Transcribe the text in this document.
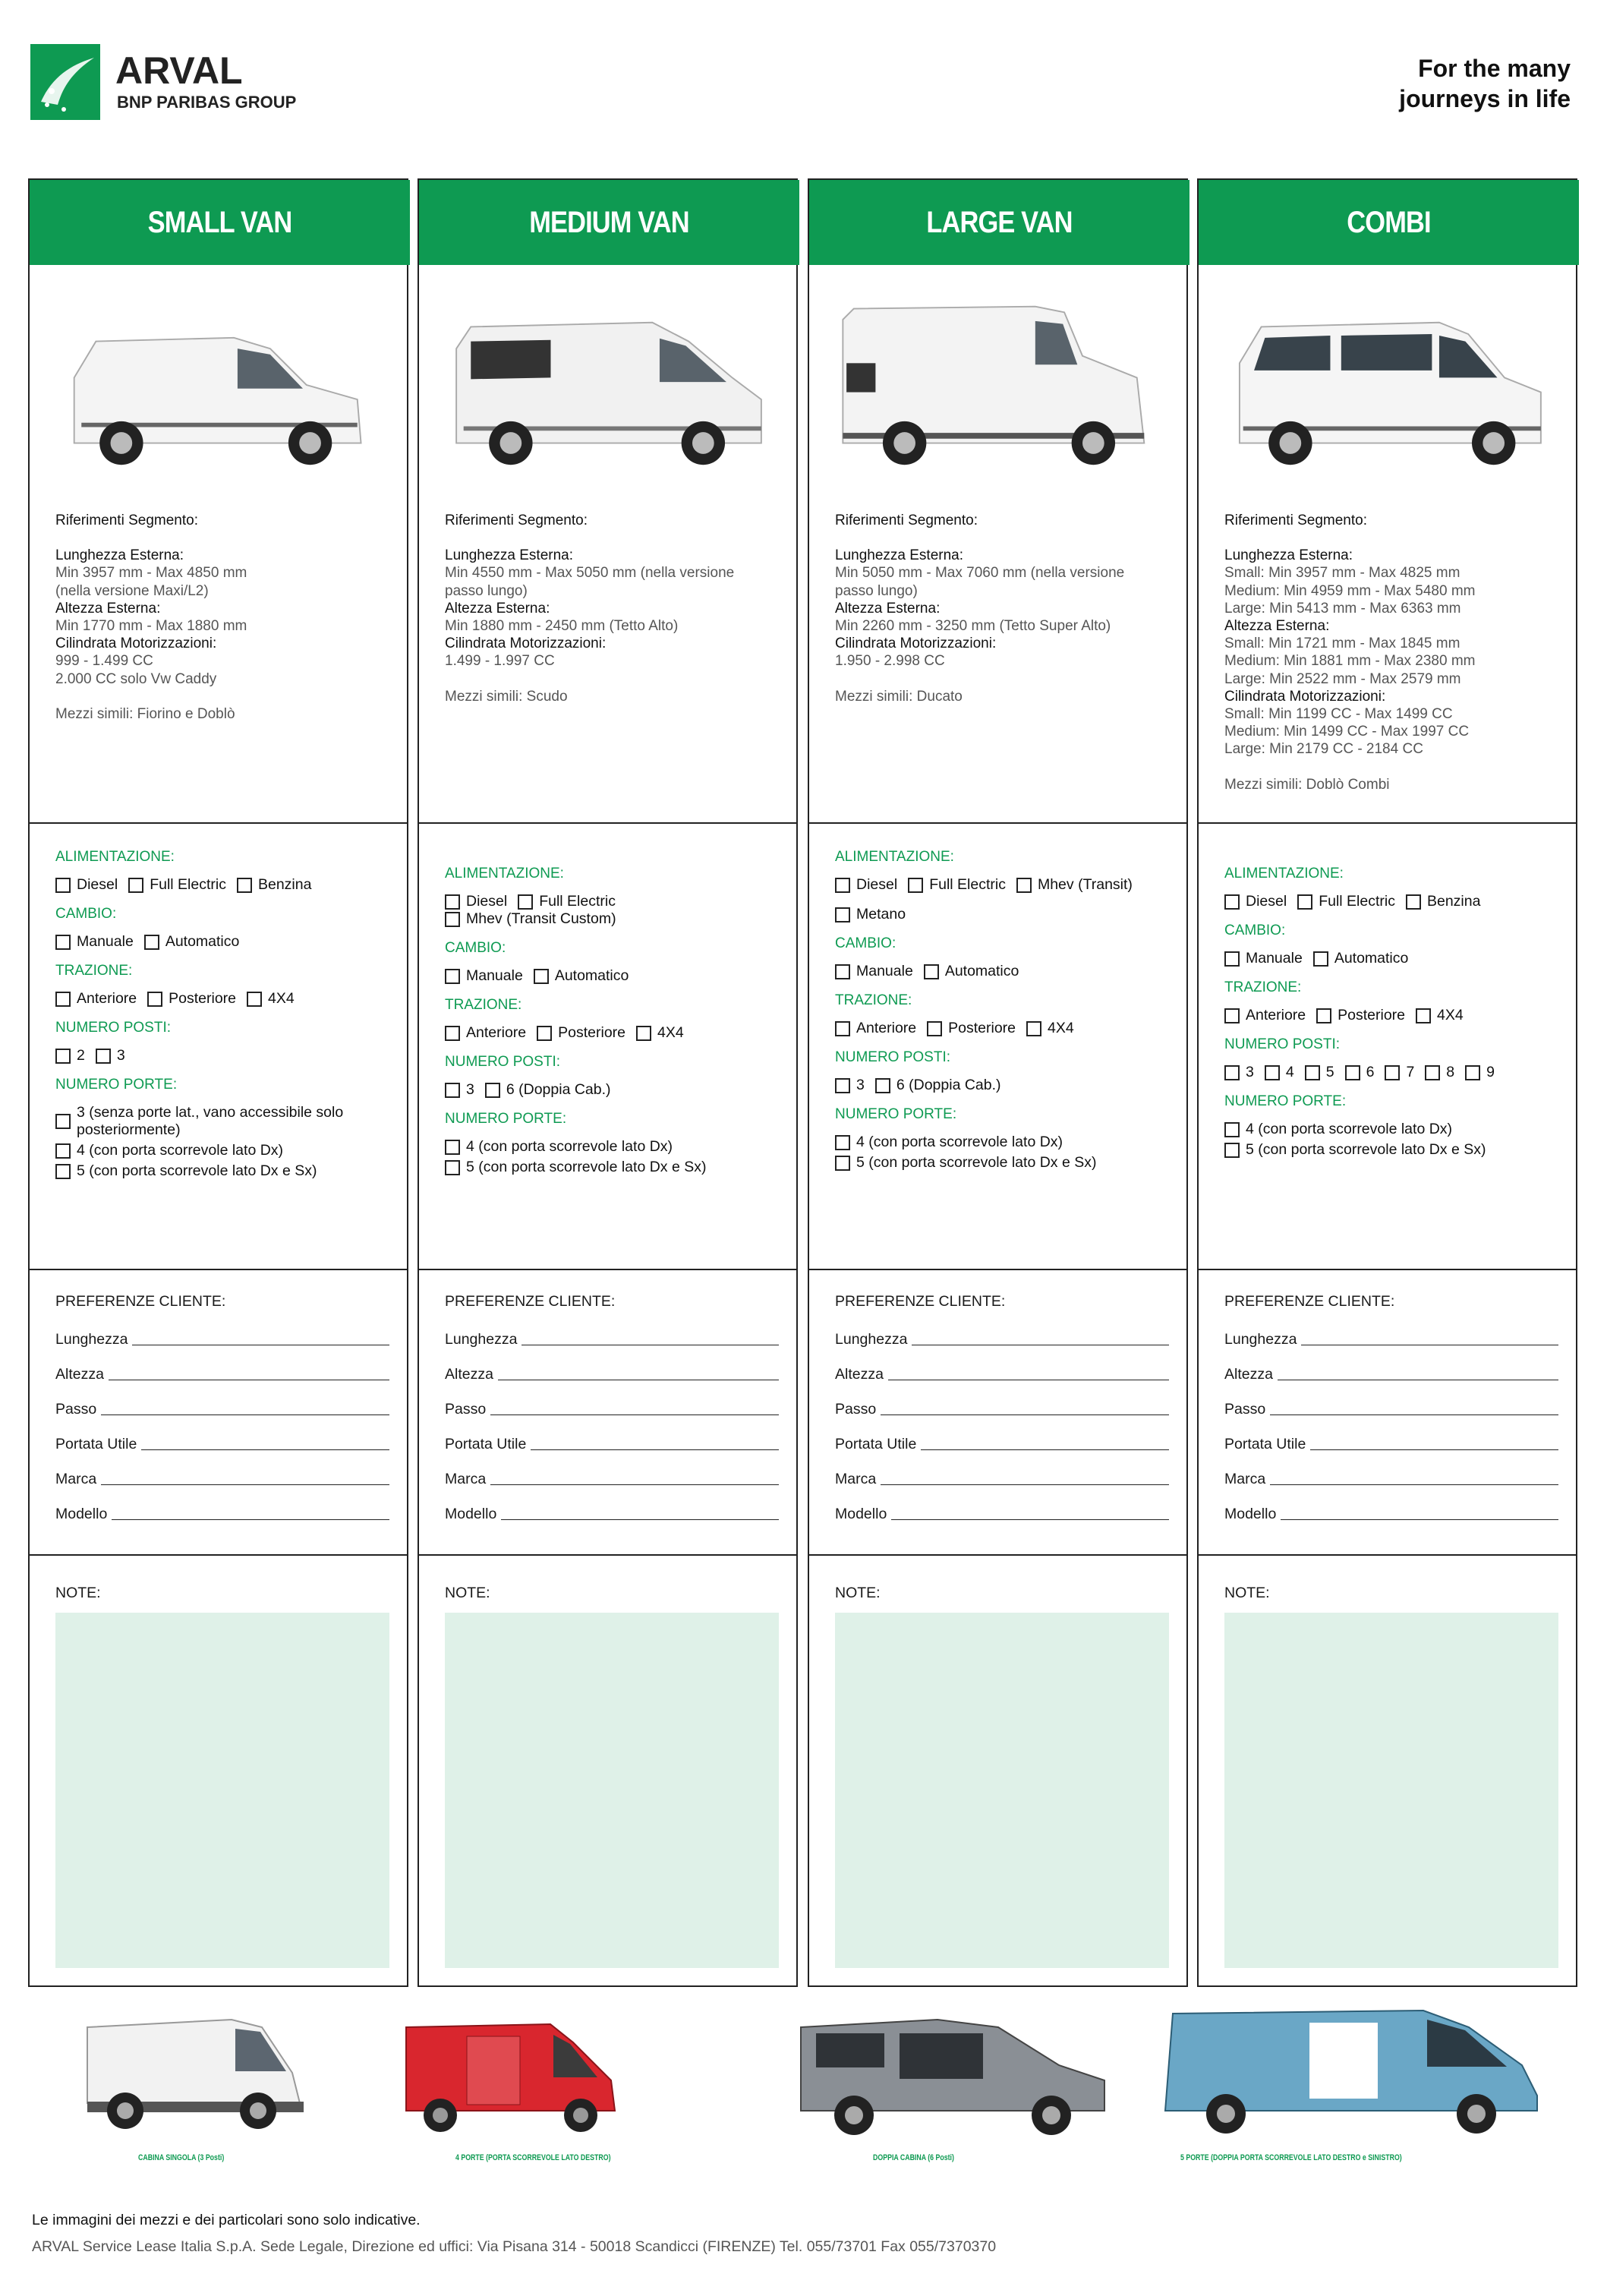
ARVAL
BNP PARIBAS GROUP
For the many
journeys in life
SMALL VAN
Riferimenti Segmento:
Lunghezza Esterna:
Min 3957 mm - Max 4850 mm
(nella versione Maxi/L2)
Altezza Esterna:
Min 1770 mm - Max 1880 mm
Cilindrata Motorizzazioni:
999 - 1.499 CC
2.000 CC solo Vw Caddy
Mezzi simili: Fiorino e Doblò
ALIMENTAZIONE:
Diesel Full Electric Benzina
CAMBIO:
Manuale Automatico
TRAZIONE:
Anteriore Posteriore 4X4
NUMERO POSTI:
2 3
NUMERO PORTE:
3 (senza porte lat., vano accessibile solo posteriormente)
4 (con porta scorrevole lato Dx)
5 (con porta scorrevole lato Dx e Sx)
PREFERENZE CLIENTE:
Lunghezza
Altezza
Passo
Portata Utile
Marca
Modello
NOTE:
MEDIUM VAN
Riferimenti Segmento:
Lunghezza Esterna:
Min 4550 mm - Max 5050 mm (nella versione
passo lungo)
Altezza Esterna:
Min 1880 mm - 2450 mm (Tetto Alto)
Cilindrata Motorizzazioni:
1.499 - 1.997 CC
Mezzi simili: Scudo
ALIMENTAZIONE:
Diesel Full Electric
Mhev (Transit Custom)
CAMBIO:
Manuale Automatico
TRAZIONE:
Anteriore Posteriore 4X4
NUMERO POSTI:
3 6 (Doppia Cab.)
NUMERO PORTE:
4 (con porta scorrevole lato Dx)
5 (con porta scorrevole lato Dx e Sx)
PREFERENZE CLIENTE:
Lunghezza
Altezza
Passo
Portata Utile
Marca
Modello
NOTE:
LARGE VAN
Riferimenti Segmento:
Lunghezza Esterna:
Min 5050 mm - Max 7060 mm (nella versione
passo lungo)
Altezza Esterna:
Min 2260 mm - 3250 mm (Tetto Super Alto)
Cilindrata Motorizzazioni:
1.950 - 2.998 CC
Mezzi simili: Ducato
ALIMENTAZIONE:
Diesel Full Electric Mhev (Transit)
Metano
CAMBIO:
Manuale Automatico
TRAZIONE:
Anteriore Posteriore 4X4
NUMERO POSTI:
3 6 (Doppia Cab.)
NUMERO PORTE:
4 (con porta scorrevole lato Dx)
5 (con porta scorrevole lato Dx e Sx)
PREFERENZE CLIENTE:
Lunghezza
Altezza
Passo
Portata Utile
Marca
Modello
NOTE:
COMBI
Riferimenti Segmento:
Lunghezza Esterna:
Small: Min 3957 mm - Max 4825 mm
Medium: Min 4959 mm - Max 5480 mm
Large: Min 5413 mm - Max 6363 mm
Altezza Esterna:
Small: Min 1721 mm - Max 1845 mm
Medium: Min 1881 mm - Max 2380 mm
Large: Min 2522 mm - Max 2579 mm
Cilindrata Motorizzazioni:
Small: Min 1199 CC - Max 1499 CC
Medium: Min 1499 CC - Max 1997 CC
Large: Min 2179 CC - 2184 CC
Mezzi simili: Doblò Combi
ALIMENTAZIONE:
Diesel Full Electric Benzina
CAMBIO:
Manuale Automatico
TRAZIONE:
Anteriore Posteriore 4X4
NUMERO POSTI:
3 4 5 6 7 8 9
NUMERO PORTE:
4 (con porta scorrevole lato Dx)
5 (con porta scorrevole lato Dx e Sx)
PREFERENZE CLIENTE:
Lunghezza
Altezza
Passo
Portata Utile
Marca
Modello
NOTE:
CABINA SINGOLA (3 Posti)	4 PORTE (PORTA SCORREVOLE LATO DESTRO)	DOPPIA CABINA (6 Posti)	5 PORTE (DOPPIA PORTA SCORREVOLE LATO DESTRO e SINISTRO)
Le immagini dei mezzi e dei particolari sono solo indicative.
ARVAL Service Lease Italia S.p.A. Sede Legale, Direzione ed uffici: Via Pisana 314 - 50018 Scandicci (FIRENZE) Tel. 055/73701 Fax 055/7370370
